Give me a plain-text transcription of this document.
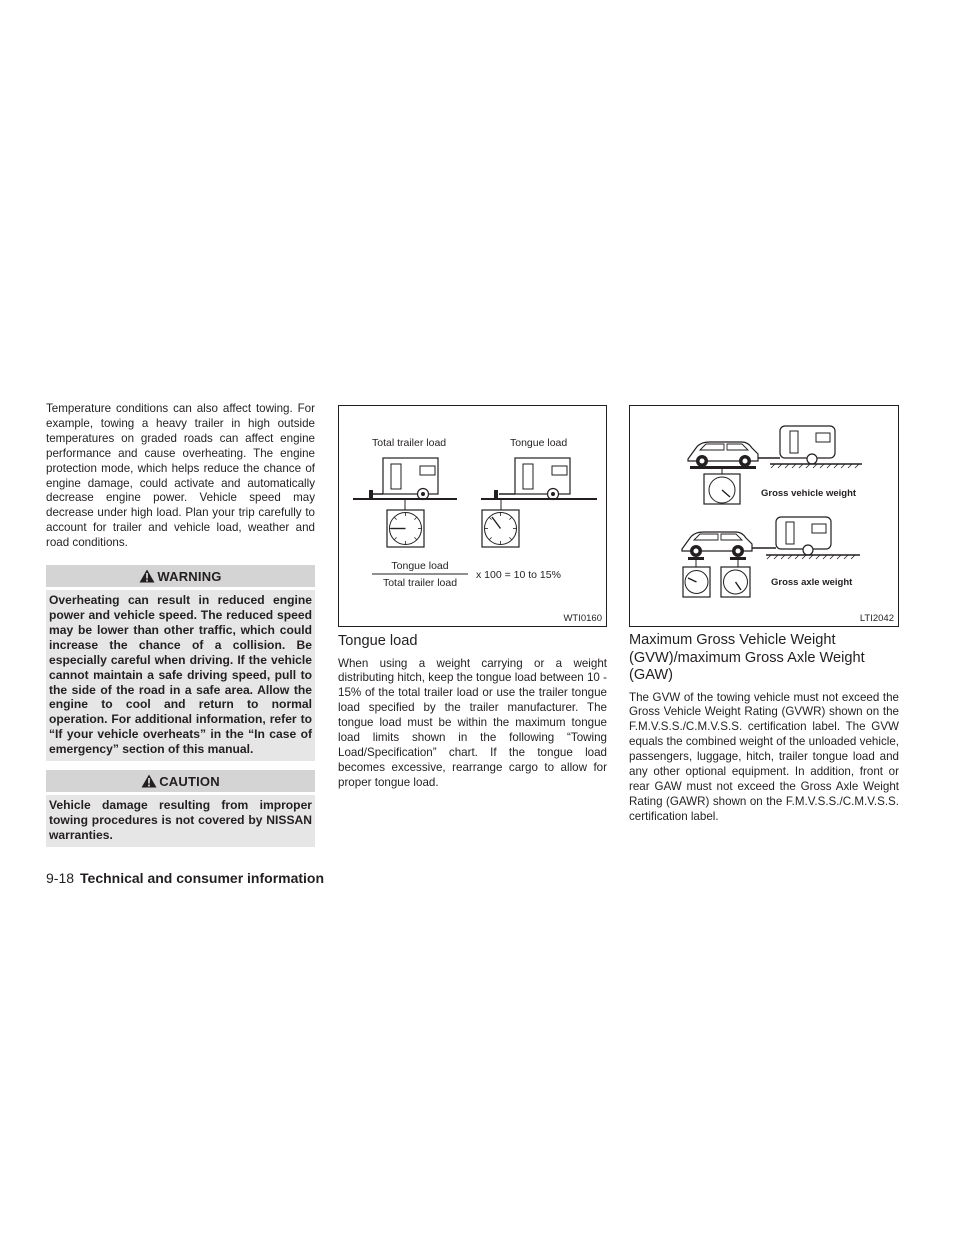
Temperature conditions can also affect towing. For example, towing a heavy trailer in high outside temperatures on graded roads can affect engine performance and cause overheating. The engine protection mode, which helps reduce the chance of engine damage, could activate and automatically decrease engine power. Vehicle speed may decrease under high load. Plan your trip carefully to account for trailer and vehicle load, weather and road conditions.

WARNING
Overheating can result in reduced engine power and vehicle speed. The reduced speed may be lower than other traffic, which could increase the chance of a collision. Be especially careful when driving. If the vehicle cannot maintain a safe driving speed, pull to the side of the road in a safe area. Allow the engine to cool and return to normal operation. For additional information, refer to “If your vehicle overheats” in the “In case of emergency” section of this manual.
CAUTION
Vehicle damage resulting from improper towing procedures is not covered by NISSAN warranties.
Total trailer load	Tongue load
Tongue load
Total trailer load
x 100 = 10 to 15%
WTI0160
Tongue load

When using a weight carrying or a weight distributing hitch, keep the tongue load between 10 - 15% of the total trailer load or use the trailer tongue load specified by the trailer manufacturer. The tongue load must be within the maximum tongue load limits shown in the following “Towing Load/Specification” chart. If the tongue load becomes excessive, rearrange cargo to allow for proper tongue load.

Gross vehicle weight
Gross axle weight
LTI2042
Maximum Gross Vehicle Weight (GVW)/maximum Gross Axle Weight (GAW)

The GVW of the towing vehicle must not exceed the Gross Vehicle Weight Rating (GVWR) shown on the F.M.V.S.S./C.M.V.S.S. certification label. The GVW equals the combined weight of the unloaded vehicle, passengers, luggage, hitch, trailer tongue load and any other optional equipment. In addition, front or rear GAW must not exceed the Gross Axle Weight Rating (GAWR) shown on the F.M.V.S.S./C.M.V.S.S. certification label.

9-18 Technical and consumer information
